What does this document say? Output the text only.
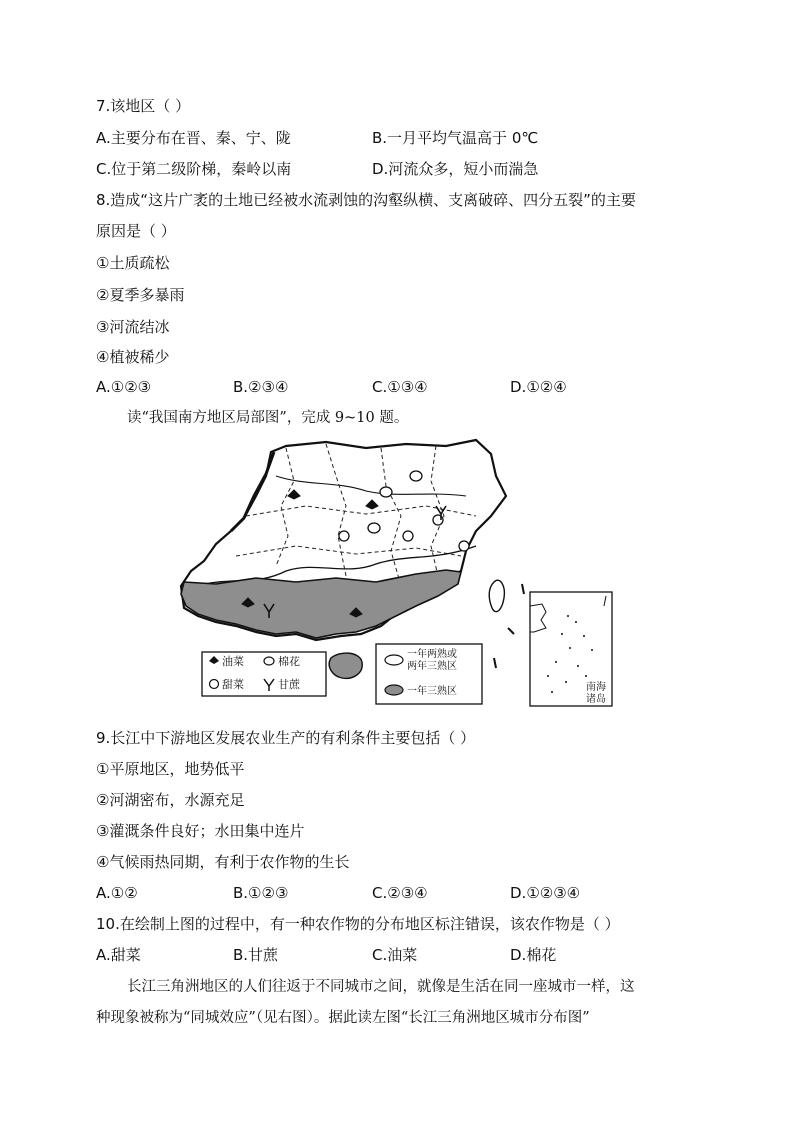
7.该地区（ ）
A.主要分布在晋、秦、宁、陇	B.一月平均气温高于 0℃
C.位于第二级阶梯，秦岭以南	D.河流众多，短小而湍急
8.造成“这片广袤的土地已经被水流剥蚀的沟壑纵横、支离破碎、四分五裂”的主要
原因是（ ）
①土质疏松
②夏季多暴雨
③河流结冰
④植被稀少
A.①②③	B.②③④	C.①③④	D.①②④
读“我国南方地区局部图”，完成 9~10 题。
油菜	棉花
甜菜	甘蔗
一年两熟或
两年三熟区
一年三熟区	南海
诸岛
9.长江中下游地区发展农业生产的有利条件主要包括（ ）
①平原地区，地势低平
②河湖密布，水源充足
③灌溉条件良好；水田集中连片
④气候雨热同期，有利于农作物的生长
A.①②	B.①②③	C.②③④	D.①②③④
10.在绘制上图的过程中，有一种农作物的分布地区标注错误，该农作物是（ ）
A.甜菜	B.甘蔗	C.油菜	D.棉花
长江三角洲地区的人们往返于不同城市之间，就像是生活在同一座城市一样，这
种现象被称为“同城效应”（见右图）。据此读左图“长江三角洲地区城市分布图”
